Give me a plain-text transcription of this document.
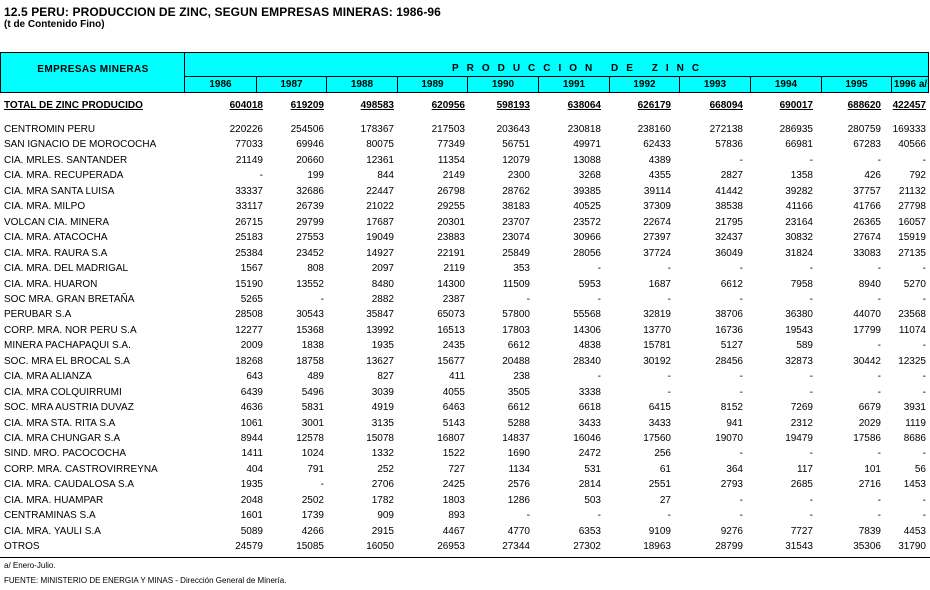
12.5 PERU: PRODUCCION DE ZINC, SEGUN EMPRESAS MINERAS: 1986-96
(t de Contenido Fino)
EMPRESAS MINERAS	PRODUCCION DE ZINC
1986	1987	1988	1989	1990	1991	1992	1993	1994	1995	1996 a/
TOTAL DE ZINC PRODUCIDO	604018	619209	498583	620956	598193	638064	626179	668094	690017	688620 422457
CENTROMIN PERU	220226	254506	178367	217503	203643	230818	238160	272138	286935	280759 169333
SAN IGNACIO DE MOROCOCHA	77033	69946	80075	77349	56751	49971	62433	57836	66981	67283 40566
CIA. MRLES. SANTANDER	21149	20660	12361	11354	12079	13088	4389	-	-	-	-
CIA. MRA. RECUPERADA	-	199	844	2149	2300	3268	4355	2827	1358	426	792
CIA. MRA SANTA LUISA	33337	32686	22447	26798	28762	39385	39114	41442	39282	37757 21132
CIA. MRA. MILPO	33117	26739	21022	29255	38183	40525	37309	38538	41166	41766 27798
VOLCAN CIA. MINERA	26715	29799	17687	20301	23707	23572	22674	21795	23164	26365 16057
CIA. MRA. ATACOCHA	25183	27553	19049	23883	23074	30966	27397	32437	30832	27674 15919
CIA. MRA. RAURA S.A	25384	23452	14927	22191	25849	28056	37724	36049	31824	33083 27135
CIA. MRA. DEL MADRIGAL	1567	808	2097	2119	353	-	-	-	-	-	-
CIA. MRA. HUARON	15190	13552	8480	14300	11509	5953	1687	6612	7958	8940 5270
SOC MRA. GRAN BRETAÑA	5265	-	2882	2387	-	-	-	-	-	-	-
PERUBAR S.A	28508	30543	35847	65073	57800	55568	32819	38706	36380	44070 23568
CORP. MRA. NOR PERU S.A	12277	15368	13992	16513	17803	14306	13770	16736	19543	17799 11074
MINERA PACHAPAQUI S.A.	2009	1838	1935	2435	6612	4838	15781	5127	589	-	-
SOC. MRA EL BROCAL S.A	18268	18758	13627	15677	20488	28340	30192	28456	32873	30442 12325
CIA. MRA ALIANZA	643	489	827	411	238	-	-	-	-	-	-
CIA. MRA COLQUIRRUMI	6439	5496	3039	4055	3505	3338	-	-	-	-	-
SOC. MRA AUSTRIA DUVAZ	4636	5831	4919	6463	6612	6618	6415	8152	7269	6679 3931
CIA. MRA STA. RITA S.A	1061	3001	3135	5143	5288	3433	3433	941	2312	2029 1119
CIA. MRA CHUNGAR S.A	8944	12578	15078	16807	14837	16046	17560	19070	19479	17586 8686
SIND. MRO. PACOCOCHA	1411	1024	1332	1522	1690	2472	256	-	-	-	-
CORP. MRA. CASTROVIRREYNA	404	791	252	727	1134	531	61	364	117	101	56
CIA. MRA. CAUDALOSA S.A	1935	-	2706	2425	2576	2814	2551	2793	2685	2716 1453
CIA. MRA. HUAMPAR	2048	2502	1782	1803	1286	503	27	-	-	-	-
CENTRAMINAS S.A	1601	1739	909	893	-	-	-	-	-	-	-
CIA. MRA. YAULI S.A	5089	4266	2915	4467	4770	6353	9109	9276	7727	7839 4453
OTROS	24579	15085	16050	26953	27344	27302	18963	28799	31543	35306 31790
a/ Enero-Julio.
FUENTE: MINISTERIO DE ENERGIA Y MINAS - Dirección General de Minería.
